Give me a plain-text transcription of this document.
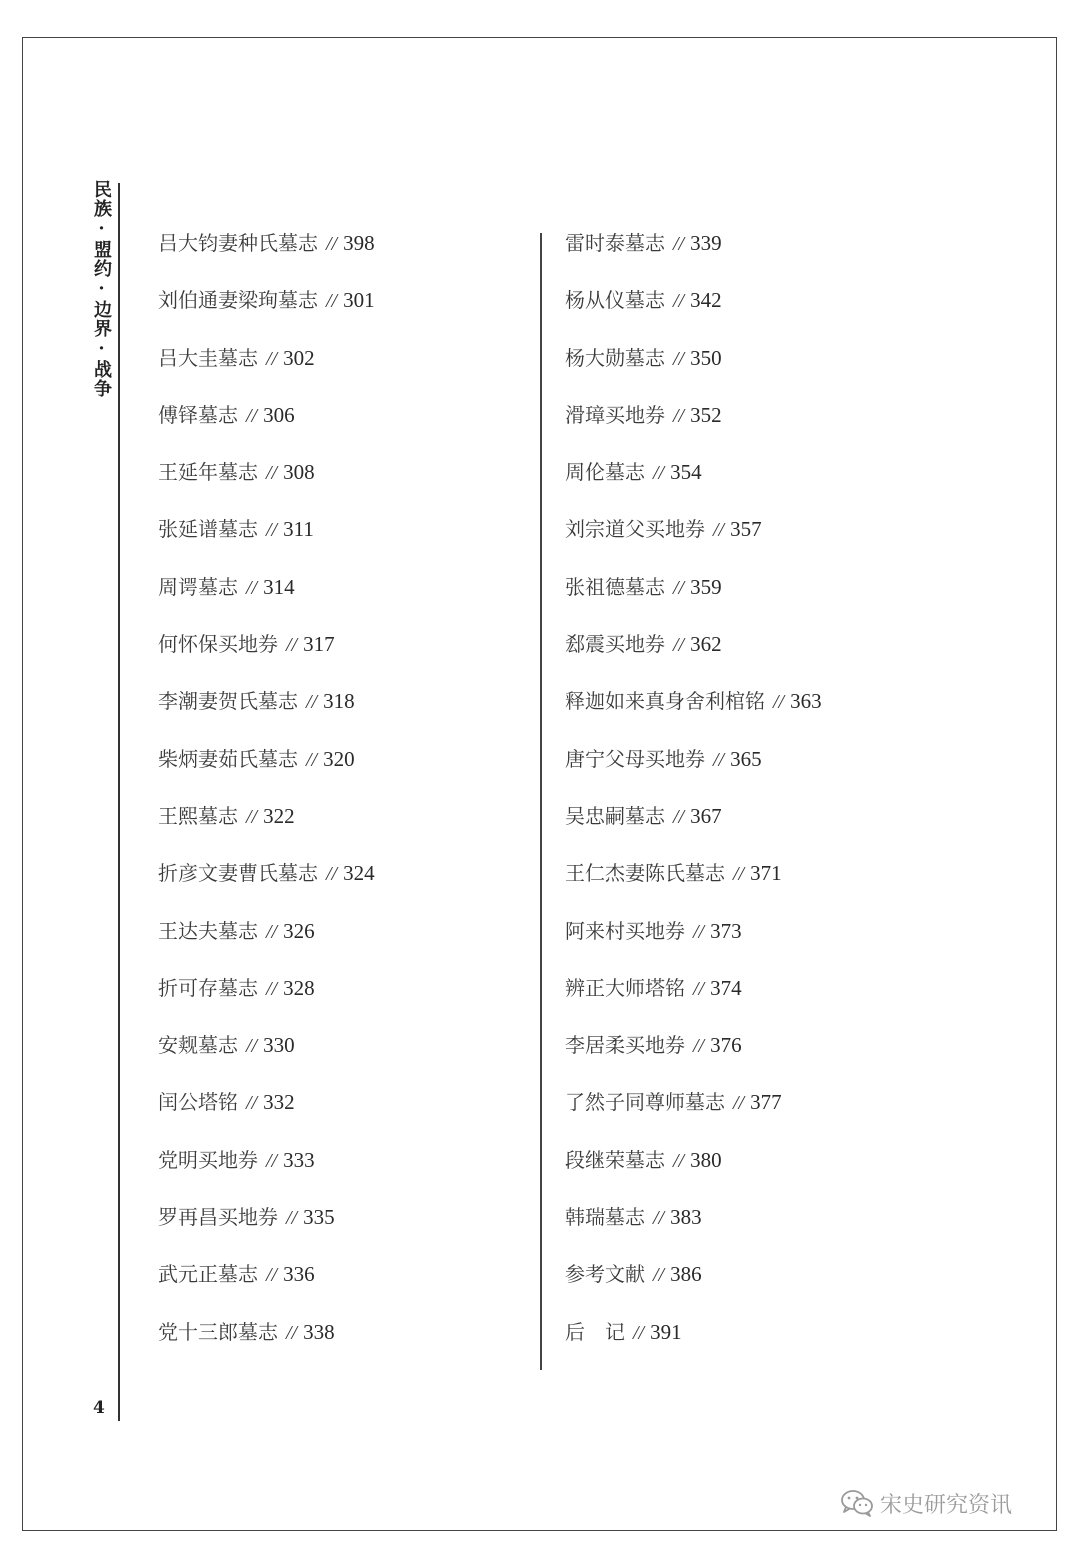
民族·盟约·边界·战争
4
吕大钧妻种氏墓志 // 398
刘伯通妻梁珣墓志 // 301
吕大圭墓志 // 302
傅铎墓志 // 306
王延年墓志 // 308
张延谱墓志 // 311
周谔墓志 // 314
何怀保买地券 // 317
李潮妻贺氏墓志 // 318
柴炳妻茹氏墓志 // 320
王熙墓志 // 322
折彦文妻曹氏墓志 // 324
王达夫墓志 // 326
折可存墓志 // 328
安觌墓志 // 330
闰公塔铭 // 332
党明买地券 // 333
罗再昌买地券 // 335
武元正墓志 // 336
党十三郎墓志 // 338
雷时泰墓志 // 339
杨从仪墓志 // 342
杨大勋墓志 // 350
滑璋买地券 // 352
周伦墓志 // 354
刘宗道父买地券 // 357
张祖德墓志 // 359
郄震买地券 // 362
释迦如来真身舍利棺铭 // 363
唐宁父母买地券 // 365
吴忠嗣墓志 // 367
王仁杰妻陈氏墓志 // 371
阿来村买地券 // 373
辨正大师塔铭 // 374
李居柔买地券 // 376
了然子同尊师墓志 // 377
段继荣墓志 // 380
韩瑞墓志 // 383
参考文献 // 386
后　记 // 391
宋史研究资讯
